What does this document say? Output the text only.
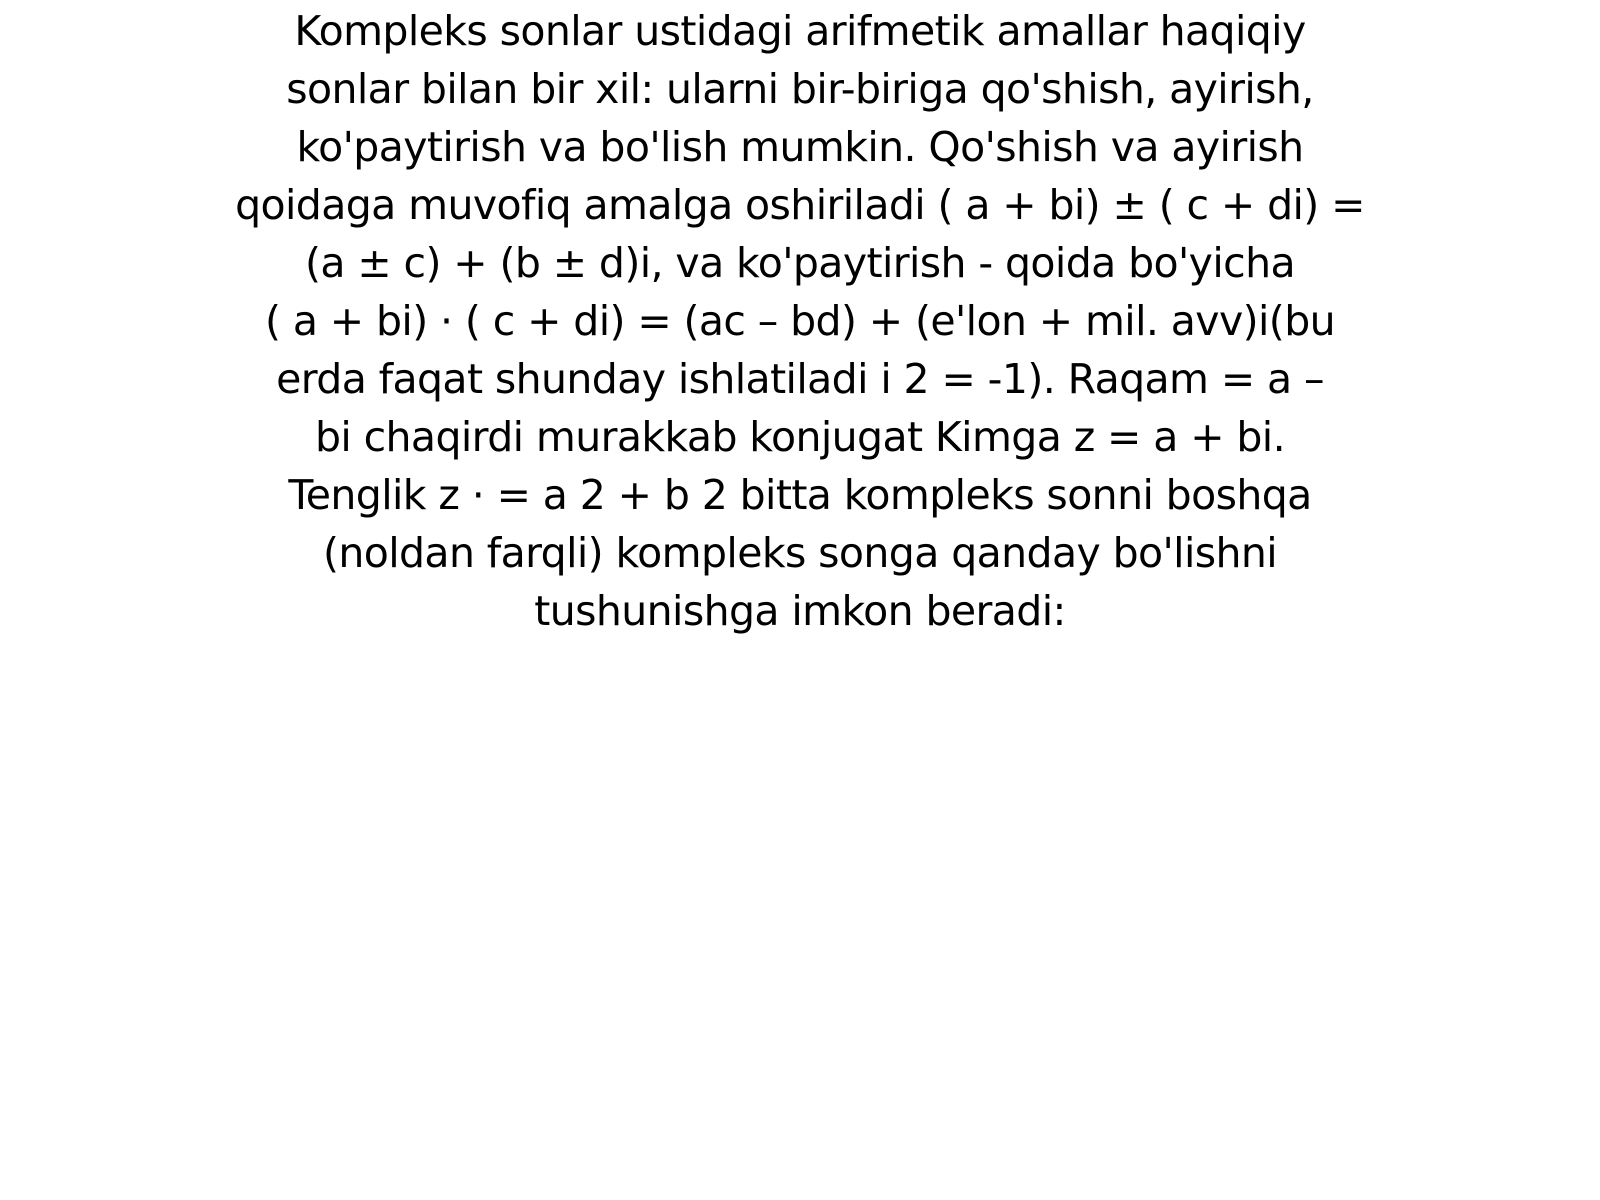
Kompleks sonlar ustidagi arifmetik amallar haqiqiy
sonlar bilan bir xil: ularni bir-biriga qo'shish, ayirish,
ko'paytirish va bo'lish mumkin. Qo'shish va ayirish
qoidaga muvofiq amalga oshiriladi ( a + bi) ± ( c + di) =
(a ± c) + (b ± d)i, va ko'paytirish - qoida bo'yicha
( a + bi) · ( c + di) = (ac – bd) + (e'lon + mil. avv)i(bu
erda faqat shunday ishlatiladi i 2 = -1). Raqam = a –
bi chaqirdi murakkab konjugat Kimga z = a + bi.
Tenglik z · = a 2 + b 2 bitta kompleks sonni boshqa
(noldan farqli) kompleks songa qanday bo'lishni
tushunishga imkon beradi:
